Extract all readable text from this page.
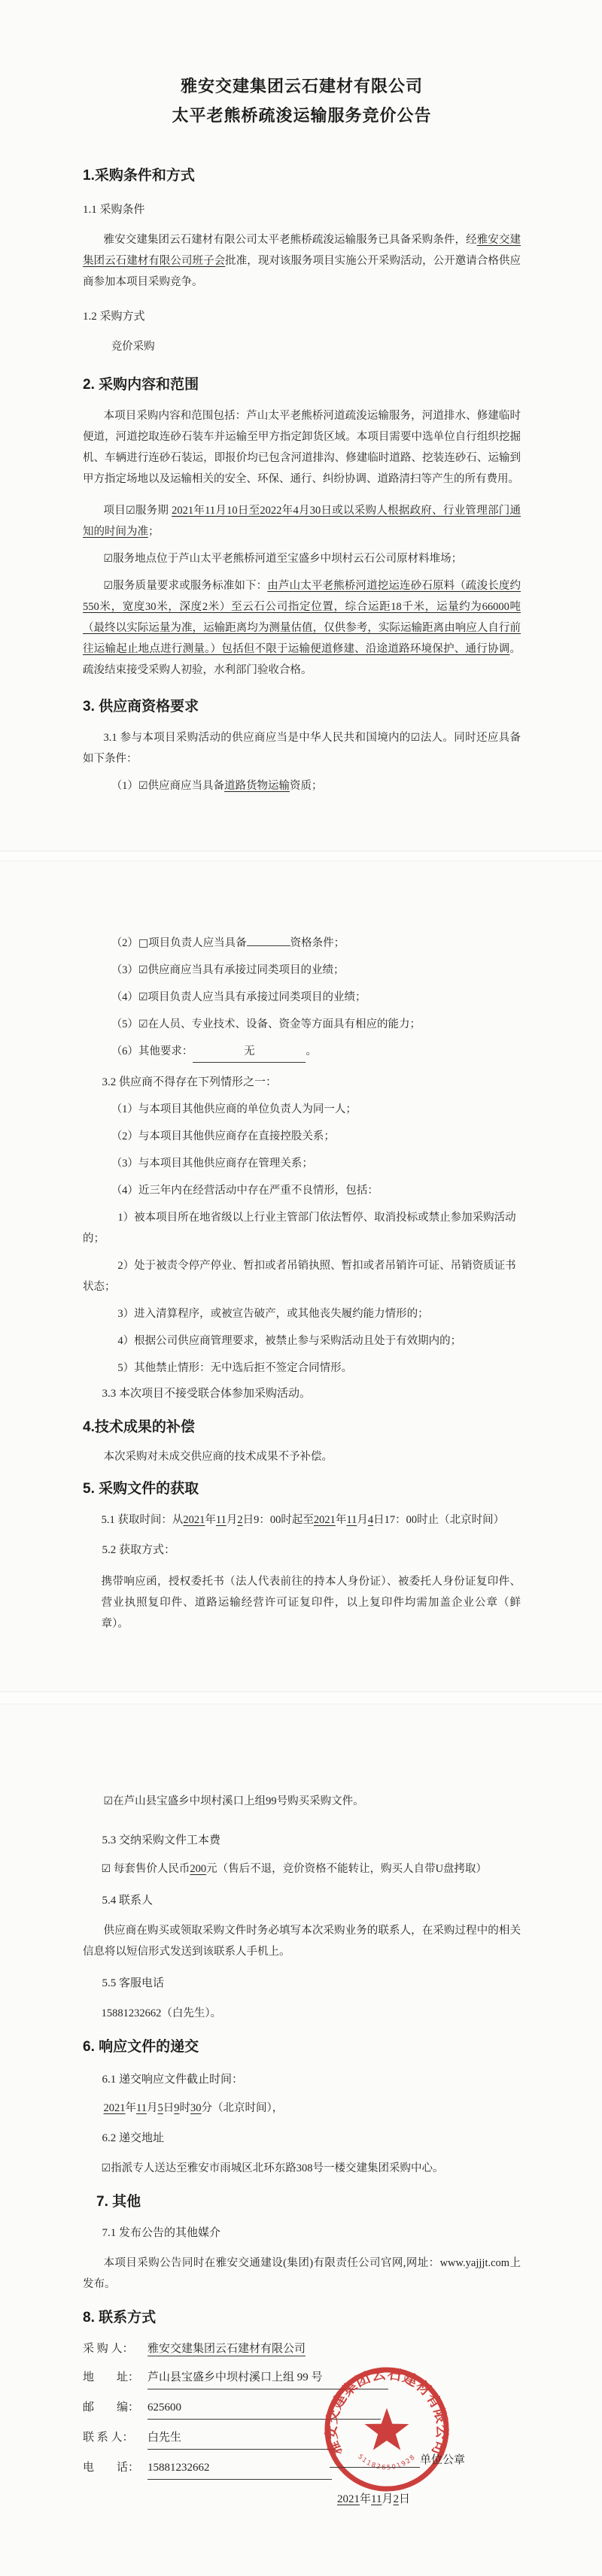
雅安交建集团云石建材有限公司

太平老熊桥疏浚运输服务竞价公告

1.采购条件和方式

1.1 采购条件

雅安交建集团云石建材有限公司太平老熊桥疏浚运输服务已具备采购条件，经雅安交建集团云石建材有限公司班子会批准，现对该服务项目实施公开采购活动，公开邀请合格供应商参加本项目采购竞争。

1.2 采购方式

竞价采购

2. 采购内容和范围

本项目采购内容和范围包括：芦山太平老熊桥河道疏浚运输服务，河道排水、修建临时便道，河道挖取连砂石装车并运输至甲方指定卸货区域。本项目需要中选单位自行组织挖掘机、车辆进行连砂石装运，即报价均已包含河道排沟、修建临时道路、挖装连砂石、运输到甲方指定场地以及运输相关的安全、环保、通行、纠纷协调、道路清扫等产生的所有费用。

项目☑服务期 2021年11月10日至2022年4月30日或以采购人根据政府、行业管理部门通知的时间为准；

☑服务地点位于芦山太平老熊桥河道至宝盛乡中坝村云石公司原材料堆场；

☑服务质量要求或服务标准如下：由芦山太平老熊桥河道挖运连砂石原料（疏浚长度约550米，宽度30米，深度2米）至云石公司指定位置，综合运距18千米，运量约为66000吨（最终以实际运量为准，运输距离均为测量估值，仅供参考，实际运输距离由响应人自行前往运输起止地点进行测量。）包括但不限于运输便道修建、沿途道路环境保护、通行协调。疏浚结束接受采购人初验，水利部门验收合格。

3. 供应商资格要求

3.1 参与本项目采购活动的供应商应当是中华人民共和国境内的☑法人。同时还应具备如下条件：

（1）☑供应商应当具备道路货物运输资质；

（2）□项目负责人应当具备	资格条件；

（3）☑供应商应当具有承接过同类项目的业绩；

（4）☑项目负责人应当具有承接过同类项目的业绩；

（5）☑在人员、专业技术、设备、资金等方面具有相应的能力；

（6）其他要求：	无	。

3.2 供应商不得存在下列情形之一：

（1）与本项目其他供应商的单位负责人为同一人；

（2）与本项目其他供应商存在直接控股关系；

（3）与本项目其他供应商存在管理关系；

（4）近三年内在经营活动中存在严重不良情形，包括：

1）被本项目所在地省级以上行业主管部门依法暂停、取消投标或禁止参加采购活动的；

2）处于被责令停产停业、暂扣或者吊销执照、暂扣或者吊销许可证、吊销资质证书状态；

3）进入清算程序，或被宣告破产，或其他丧失履约能力情形的；

4）根据公司供应商管理要求，被禁止参与采购活动且处于有效期内的；

5）其他禁止情形：无中选后拒不签定合同情形。

3.3 本次项目不接受联合体参加采购活动。

4.技术成果的补偿

本次采购对未成交供应商的技术成果不予补偿。

5. 采购文件的获取

5.1 获取时间：从2021年11月2日9：00时起至2021年11月4日17：00时止（北京时间）

5.2 获取方式：

携带响应函，授权委托书（法人代表前往的持本人身份证）、被委托人身份证复印件、营业执照复印件、道路运输经营许可证复印件，以上复印件均需加盖企业公章（鲜章）。

☑在芦山县宝盛乡中坝村溪口上组99号购买采购文件。

5.3 交纳采购文件工本费

☑ 每套售价人民币200元（售后不退，竞价资格不能转让，购买人自带U盘拷取）

5.4 联系人

供应商在购买或领取采购文件时务必填写本次采购业务的联系人，在采购过程中的相关信息将以短信形式发送到该联系人手机上。

5.5 客服电话

15881232662（白先生）。

6. 响应文件的递交

6.1 递交响应文件截止时间：

2021年11月5日9时30分（北京时间），

6.2 递交地址

☑指派专人送达至雅安市雨城区北环东路308号一楼交建集团采购中心。

7. 其他

7.1 发布公告的其他媒介

本项目采购公告同时在雅安交通建设(集团)有限责任公司官网,网址：www.yajjjt.com上发布。

8. 联系方式

采 购 人： 雅安交建集团云石建材有限公司

地　　址： 芦山县宝盛乡中坝村溪口上组 99 号

邮　　编： 625600

联 系 人： 白先生

电　　话： 15881232662

雅安交建集团云石建材有限公司
511826501928 单位公章

2021年11月2日
